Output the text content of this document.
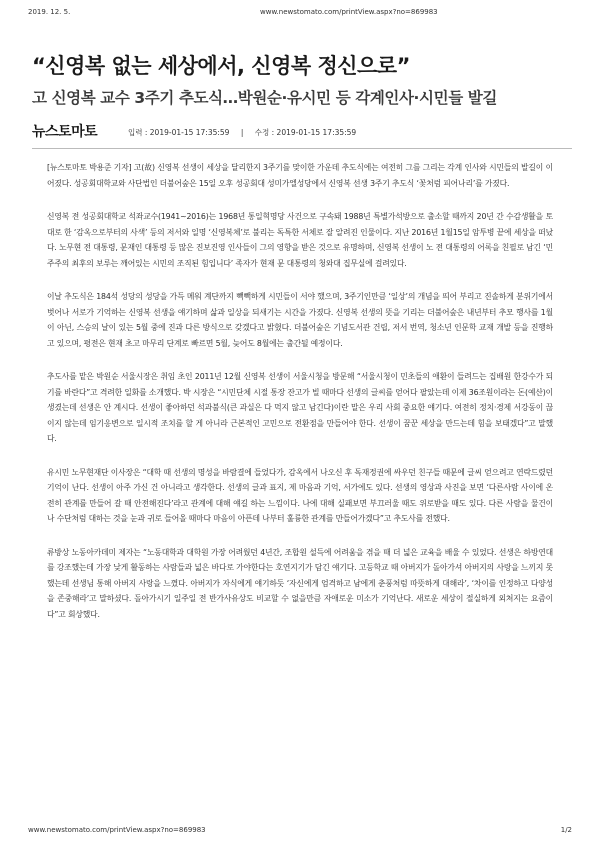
2019. 12. 5.	www.newstomato.com/printView.aspx?no=869983
“신영복 없는 세상에서, 신영복 정신으로”
고 신영복 교수 3주기 추도식…박원순·유시민 등 각계인사·시민들 발길
뉴스토마토	입력 : 2019-01-15 17:35:59 | 수정 : 2019-01-15 17:35:59

[뉴스토마토 박용준 기자] 고(故) 신영복 선생이 세상을 달리한지 3주기를 맞이한 가운데 추도식에는 여전히 그를 그리는 각계 인사와 시민들의 발길이 이어졌다. 성공회대학교와 사단법인 더불어숲은 15일 오후 성공회대 성미가엘성당에서 신영복 선생 3주기 추도식 ‘꽃처럼 피어나리’를 가졌다.

신영복 전 성공회대학교 석좌교수(1941~2016)는 1968년 통일혁명당 사건으로 구속돼 1988년 특별가석방으로 출소할 때까지 20년 간 수감생활을 토대로 한 ‘감옥으로부터의 사색’ 등의 저서와 일명 ‘신영복체’로 불리는 독특한 서체로 잘 알려진 인물이다. 지난 2016년 1월15일 암투병 끝에 세상을 떠났다. 노무현 전 대통령, 문재인 대통령 등 많은 진보진영 인사들이 그의 영향을 받은 것으로 유명하며, 신영복 선생이 노 전 대통령의 어록을 친필로 남긴 ‘민주주의 최후의 보루는 깨어있는 시민의 조직된 힘입니다’ 족자가 현재 문 대통령의 청와대 집무실에 걸려있다.

이날 추도식은 184석 성당의 성당을 가득 메워 계단까지 빽빽하게 시민들이 서야 했으며, 3주기인만큼 ‘일상’의 개념을 띄어 부리고 진솔하게 분위기에서 벗어나 서로가 기억하는 신영복 선생을 얘기하며 삶과 일상을 되새기는 시간을 가졌다. 신영복 선생의 뜻을 기리는 더불어숲은 내년부터 추모 행사를 1월이 아닌, 스승의 날이 있는 5월 중에 진과 다른 방식으로 갖겠다고 밝혔다. 더불어숲은 기념도서관 건립, 저서 번역, 청소년 인문학 교재 개발 등을 진행하고 있으며, 평전은 현재 초고 마무리 단계로 빠르면 5월, 늦어도 8월에는 출간될 예정이다.

추도사를 맡은 박원순 서울시장은 취임 초인 2011년 12월 신영복 선생이 서울시청을 방문해 “서울시청이 민초들의 애환이 들려드는 집배원 한강수가 되기를 바란다”고 격려한 일화를 소개했다. 박 시장은 “시민단체 시절 통장 잔고가 빌 때마다 선생의 글씨를 얻어다 팔았는데 이제 36조원이라는 돈(예산)이 생겼는데 선생은 안 계시다. 선생이 좋아하던 석과불식(큰 과실은 다 먹지 않고 남긴다)이란 말은 우리 사회 중요한 얘기다. 여전히 정치·경제 서강동이 끊이지 않는데 임기응변으로 일시적 조치를 할 게 아니라 근본적인 고민으로 전환점을 만들어야 한다. 선생이 꿈꾼 세상을 만드는데 힘을 보태겠다”고 말했다.

유시민 노무현재단 이사장은 “대학 때 선생의 명성을 바람결에 들었다가, 감옥에서 나오신 후 독재정권에 싸우던 친구들 때문에 글씨 얻으려고 연락드렸던 기억이 난다. 선생이 아주 가신 건 아니라고 생각한다. 선생의 글과 표지, 제 마음과 기억, 서가에도 있다. 선생의 영상과 사진을 보면 ‘다른사람 사이에 온전히 관계를 만들어 갈 때 안전해진다’라고 관계에 대해 얘길 하는 느낌이다. 나에 대해 실패보면 부끄러울 때도 위로받을 때도 있다. 다른 사람을 물건이나 수단처럼 대하는 것을 눈과 귀로 들어올 때마다 마음이 아픈데 나부터 훌륭한 관계를 만들어가겠다”고 추도사를 전했다.

류방상 노동아카데미 제자는 “노동대학과 대학원 가장 어려웠던 4년간, 조합원 설득에 어려움을 겪을 때 더 넓은 교육을 배울 수 있었다. 선생은 하방연대를 강조했는데 가장 낮게 활동하는 사람들과 넓은 바다로 가야한다는 호연지기가 담긴 얘기다. 고등학교 때 아버지가 돌아가셔 아버지의 사랑을 느끼지 못했는데 선생님 통해 아버지 사랑을 느꼈다. 아버지가 자식에게 얘기하듯 ‘자신에게 엄격하고 남에게 춘풍처럼 따뜻하게 대해라’, ‘차이를 인정하고 다양성을 존중해라’고 말하셨다. 돌아가시기 일주일 전 반가사유상도 비교할 수 없을만큼 자애로운 미소가 기억난다. 새로운 세상이 절실하게 외쳐지는 요즘이다”고 회상했다.

www.newstomato.com/printView.aspx?no=869983	1/2
